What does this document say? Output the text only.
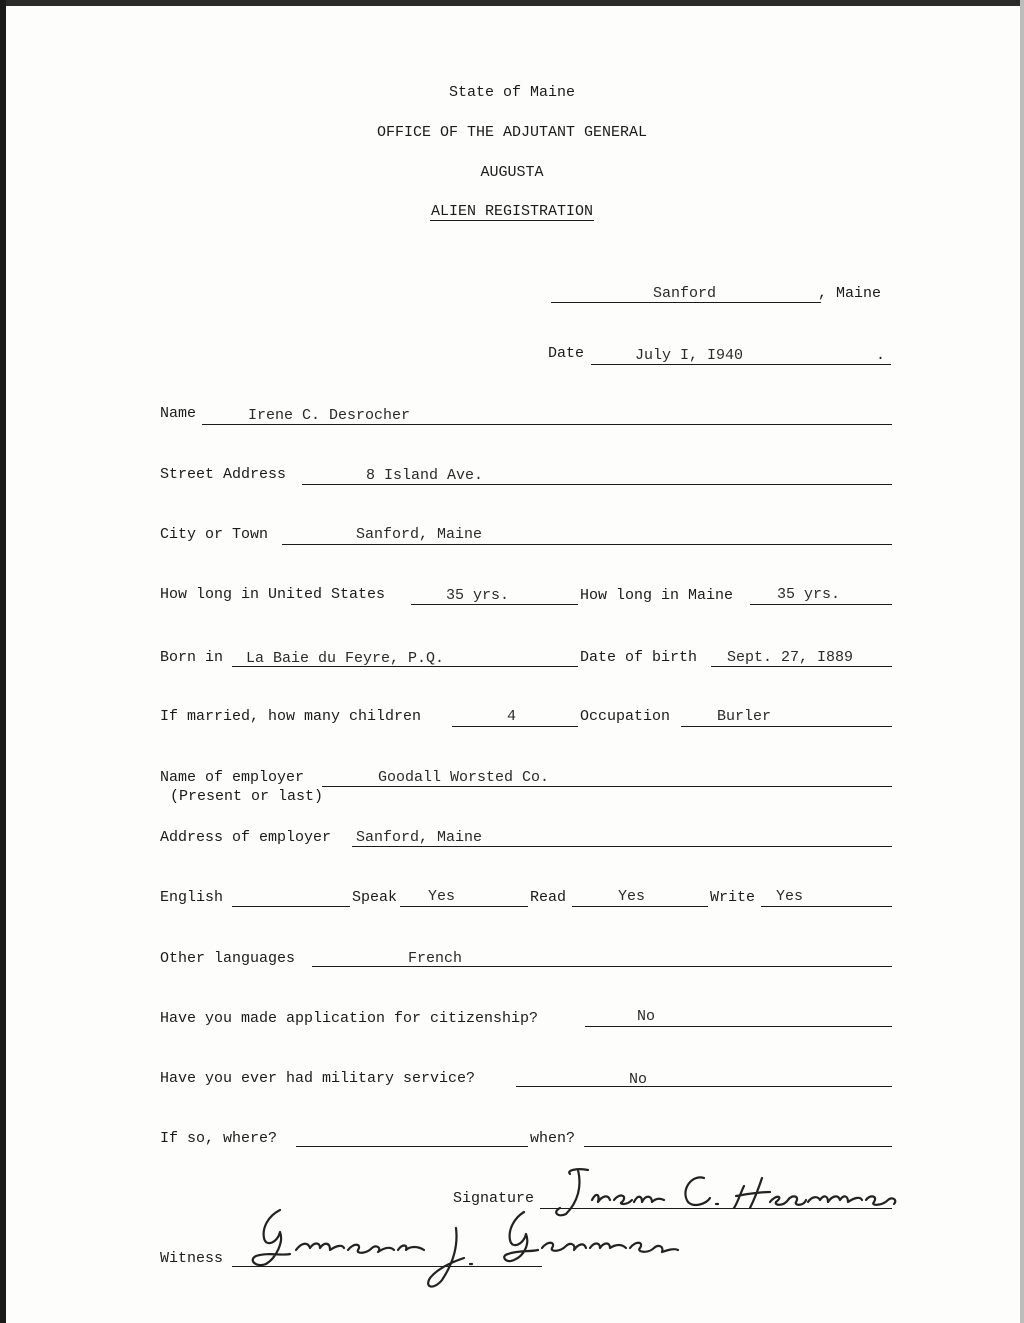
State of Maine
OFFICE OF THE ADJUTANT GENERAL
AUGUSTA
ALIEN REGISTRATION
Sanford	, Maine
Date	July I, I940	.
Name	Irene C. Desrocher
Street Address	8 Island Ave.
City or Town	Sanford, Maine
How long in United States	35 yrs.	How long in Maine	35 yrs.
Born in La Baie du Feyre, P.Q.	Date of birth Sept. 27, I889
If married, how many children	4	Occupation	Burler
Name of employer
(Present or last)
Goodall Worsted Co.
Address of employer Sanford, Maine
English	Speak Yes	Read	Yes	Write Yes
Other languages	French
Have you made application for citizenship?	No
Have you ever had military service?	No
If so, where?	when?
Signature
Witness
